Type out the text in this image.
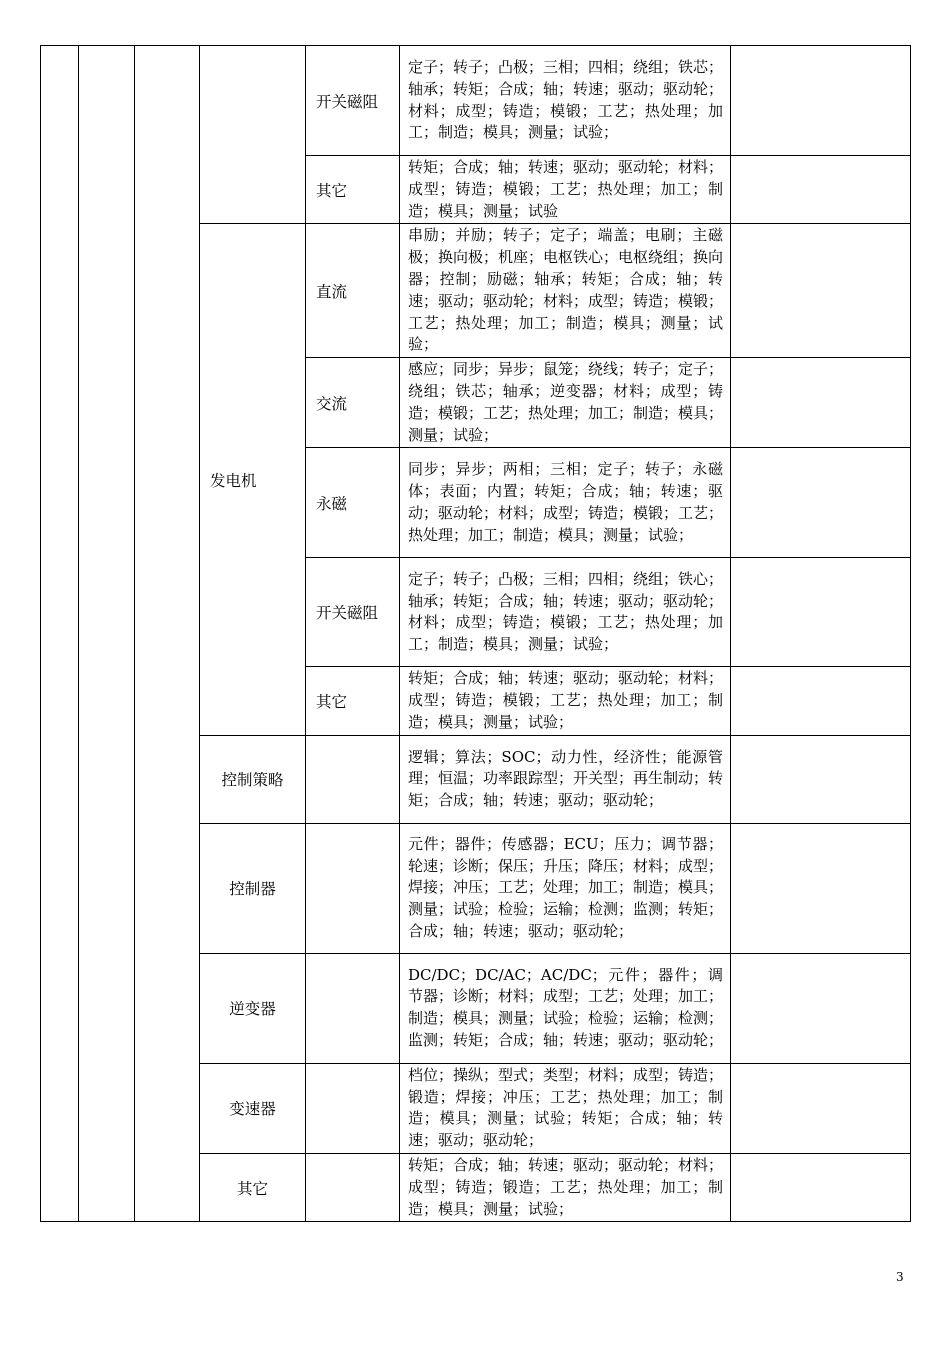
				开关磁阻	定子；转子；凸极；三相；四相；绕组；铁芯；轴承；转矩；合成；轴；转速；驱动；驱动轮；材料；成型；铸造；模锻；工艺；热处理；加工；制造；模具；测量；试验；	
				其它	转矩；合成；轴；转速；驱动；驱动轮；材料；成型；铸造；模锻；工艺；热处理；加工；制造；模具；测量；试验	
			发电机	直流	串励；并励；转子；定子；端盖；电刷；主磁极；换向极；机座；电枢铁心；电枢绕组；换向器；控制；励磁；轴承；转矩；合成；轴；转速；驱动；驱动轮；材料；成型；铸造；模锻；工艺；热处理；加工；制造；模具；测量；试验；	
				交流	感应；同步；异步；鼠笼；绕线；转子；定子；绕组；铁芯；轴承；逆变器；材料；成型；铸造；模锻；工艺；热处理；加工；制造；模具；测量；试验；	
				永磁	同步；异步；两相；三相；定子；转子；永磁体；表面；内置；转矩；合成；轴；转速；驱动；驱动轮；材料；成型；铸造；模锻；工艺；热处理；加工；制造；模具；测量；试验；	
				开关磁阻	定子；转子；凸极；三相；四相；绕组；铁心；轴承；转矩；合成；轴；转速；驱动；驱动轮；材料；成型；铸造；模锻；工艺；热处理；加工；制造；模具；测量；试验；	
				其它	转矩；合成；轴；转速；驱动；驱动轮；材料；成型；铸造；模锻；工艺；热处理；加工；制造；模具；测量；试验；	
			控制策略		逻辑；算法；SOC；动力性，经济性；能源管理；恒温；功率跟踪型；开关型；再生制动；转矩；合成；轴；转速；驱动；驱动轮；	
			控制器		元件；器件；传感器；ECU；压力；调节器；轮速；诊断；保压；升压；降压；材料；成型；焊接；冲压；工艺；处理；加工；制造；模具；测量；试验；检验；运输；检测；监测；转矩；合成；轴；转速；驱动；驱动轮；	
			逆变器		DC/DC；DC/AC；AC/DC；元件；器件；调节器；诊断；材料；成型；工艺；处理；加工；制造；模具；测量；试验；检验；运输；检测；监测；转矩；合成；轴；转速；驱动；驱动轮；	
			变速器		档位；操纵；型式；类型；材料；成型；铸造；锻造；焊接；冲压；工艺；热处理；加工；制造；模具；测量；试验；转矩；合成；轴；转速；驱动；驱动轮；	
			其它		转矩；合成；轴；转速；驱动；驱动轮；材料；成型；铸造；锻造；工艺；热处理；加工；制造；模具；测量；试验；	
3
